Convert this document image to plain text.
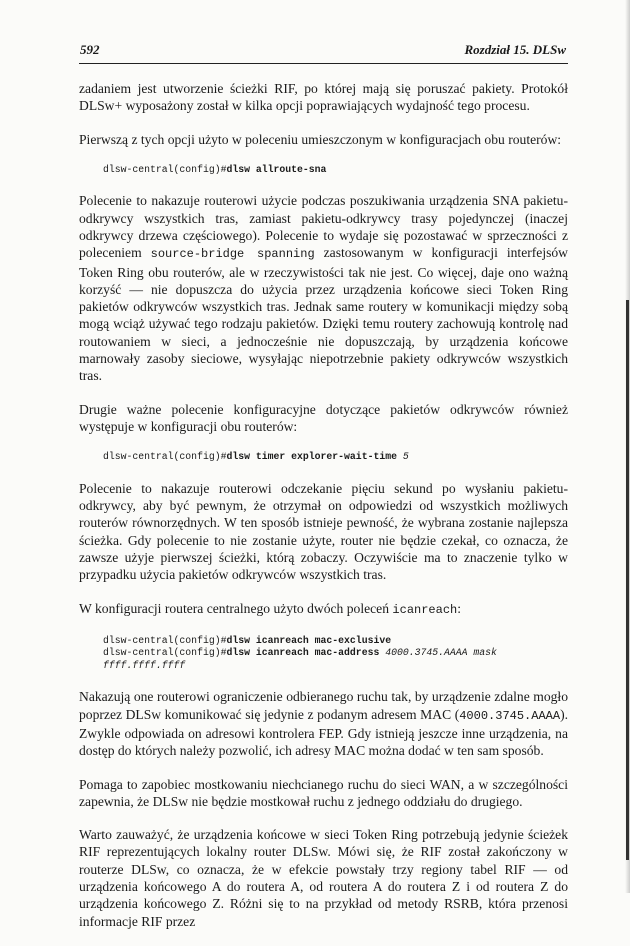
592	Rozdział 15. DLSw

zadaniem jest utworzenie ścieżki RIF, po której mają się poruszać pakiety. Protokół DLSw+ wyposażony został w kilka opcji poprawiających wydajność tego procesu.

Pierwszą z tych opcji użyto w poleceniu umieszczonym w konfiguracjach obu routerów:

dlsw-central(config)#dlsw allroute-sna

Polecenie to nakazuje routerowi użycie podczas poszukiwania urządzenia SNA pakietu-odkrywcy wszystkich tras, zamiast pakietu-odkrywcy trasy pojedynczej (inaczej odkrywcy drzewa częściowego). Polecenie to wydaje się pozostawać w sprzeczności z poleceniem source-bridge spanning zastosowanym w konfiguracji interfejsów Token Ring obu routerów, ale w rzeczywistości tak nie jest. Co więcej, daje ono ważną korzyść — nie dopuszcza do użycia przez urządzenia końcowe sieci Token Ring pakietów odkrywców wszystkich tras. Jednak same routery w komunikacji między sobą mogą wciąż używać tego rodzaju pakietów. Dzięki temu routery zachowują kontrolę nad routowaniem w sieci, a jednocześnie nie dopuszczają, by urządzenia końcowe marnowały zasoby sieciowe, wysyłając niepotrzebnie pakiety odkrywców wszystkich tras.

Drugie ważne polecenie konfiguracyjne dotyczące pakietów odkrywców również występuje w konfiguracji obu routerów:

dlsw-central(config)#dlsw timer explorer-wait-time 5

Polecenie to nakazuje routerowi odczekanie pięciu sekund po wysłaniu pakietu-odkrywcy, aby być pewnym, że otrzymał on odpowiedzi od wszystkich możliwych routerów równorzędnych. W ten sposób istnieje pewność, że wybrana zostanie najlepsza ścieżka. Gdy polecenie to nie zostanie użyte, router nie będzie czekał, co oznacza, że zawsze użyje pierwszej ścieżki, którą zobaczy. Oczywiście ma to znaczenie tylko w przypadku użycia pakietów odkrywców wszystkich tras.

W konfiguracji routera centralnego użyto dwóch poleceń icanreach:

dlsw-central(config)#dlsw icanreach mac-exclusive
dlsw-central(config)#dlsw icanreach mac-address 4000.3745.AAAA mask
ffff.ffff.ffff

Nakazują one routerowi ograniczenie odbieranego ruchu tak, by urządzenie zdalne mogło poprzez DLSw komunikować się jedynie z podanym adresem MAC (4000.3745.AAAA). Zwykle odpowiada on adresowi kontrolera FEP. Gdy istnieją jeszcze inne urządzenia, na dostęp do których należy pozwolić, ich adresy MAC można dodać w ten sam sposób.

Pomaga to zapobiec mostkowaniu niechcianego ruchu do sieci WAN, a w szczególności zapewnia, że DLSw nie będzie mostkował ruchu z jednego oddziału do drugiego.

Warto zauważyć, że urządzenia końcowe w sieci Token Ring potrzebują jedynie ścieżek RIF reprezentujących lokalny router DLSw. Mówi się, że RIF został zakończony w routerze DLSw, co oznacza, że w efekcie powstały trzy regiony tabel RIF — od urządzenia końcowego A do routera A, od routera A do routera Z i od routera Z do urządzenia końcowego Z. Różni się to na przykład od metody RSRB, która przenosi informacje RIF przez
